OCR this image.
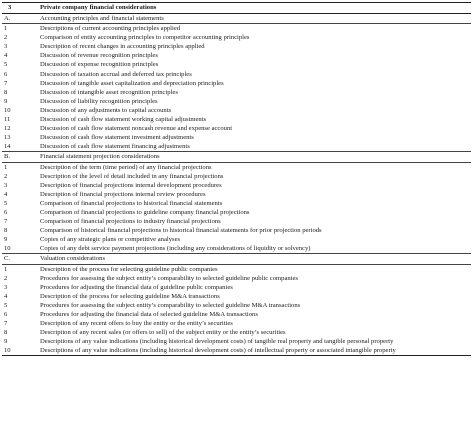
3	Private company financial considerations
A.	Accounting principles and financial statements
1	Descriptions of current accounting principles applied
2	Comparison of entity accounting principles to competitor accounting principles
3	Description of recent changes in accounting principles applied
4	Discussion of revenue recognition principles
5	Discussion of expense recognition principles
6	Discussion of taxation accrual and deferred tax principles
7	Discussion of tangible asset capitalization and depreciation principles
8	Discussion of intangible asset recognition principles
9	Discussion of liability recognition principles
10	Discussion of any adjustments to capital accounts
11	Discussion of cash flow statement working capital adjustments
12	Discussion of cash flow statement noncash revenue and expense account
13	Discussion of cash flow statement investment adjustments
14	Discussion of cash flow statement financing adjustments
B.	Financial statement projection considerations
1	Description of the term (time period) of any financial projections
2	Description of the level of detail included in any financial projections
3	Description of financial projections internal development procedures
4	Description of financial projections internal review procedures
5	Comparison of financial projections to historical financial statements
6	Comparison of financial projections to guideline company financial projections
7	Comparison of financial projections to industry financial projections
8	Comparison of historical financial projections to historical financial statements for prior projection periods
9	Copies of any strategic plans or competitive analyses
10	Copies of any debt service payment projections (including any considerations of liquidity or solvency)
C.	Valuation considerations
1	Description of the process for selecting guideline public companies
2	Procedures for assessing the subject entity’s comparability to selected guideline public companies
3	Procedures for adjusting the financial data of guideline public companies
4	Description of the process for selecting guideline M&A transactions
5	Procedures for assessing the subject entity’s comparability to selected guideline M&A transactions
6	Procedures for adjusting the financial data of selected guideline M&A transactions
7	Description of any recent offers to buy the entity or the entity’s securities
8	Description of any recent sales (or offers to sell) of the subject entity or the entity’s securities
9	Descriptions of any value indications (including historical development costs) of tangible real property and tangible personal property
10	Descriptions of any value indications (including historical development costs) of intellectual property or associated intangible property
